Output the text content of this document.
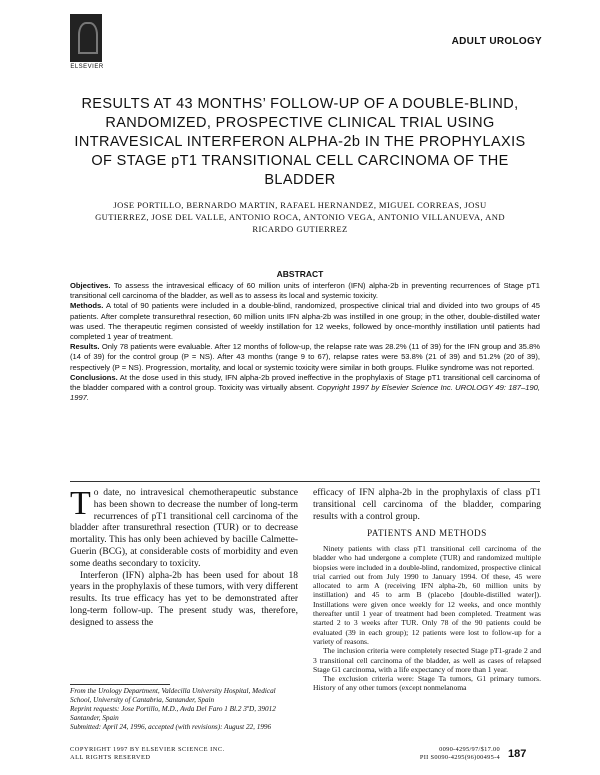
ELSEVIER
ADULT UROLOGY
RESULTS AT 43 MONTHS’ FOLLOW-UP OF A DOUBLE-BLIND, RANDOMIZED, PROSPECTIVE CLINICAL TRIAL USING INTRAVESICAL INTERFERON ALPHA-2b IN THE PROPHYLAXIS OF STAGE pT1 TRANSITIONAL CELL CARCINOMA OF THE BLADDER
JOSE PORTILLO, BERNARDO MARTIN, RAFAEL HERNANDEZ, MIGUEL CORREAS, JOSU GUTIERREZ, JOSE DEL VALLE, ANTONIO ROCA, ANTONIO VEGA, ANTONIO VILLANUEVA, AND RICARDO GUTIERREZ
ABSTRACT

Objectives. To assess the intravesical efficacy of 60 million units of interferon (IFN) alpha-2b in preventing recurrences of Stage pT1 transitional cell carcinoma of the bladder, as well as to assess its local and systemic toxicity.

Methods. A total of 90 patients were included in a double-blind, randomized, prospective clinical trial and divided into two groups of 45 patients. After complete transurethral resection, 60 million units IFN alpha-2b was instilled in one group; in the other, double-distilled water was used. The therapeutic regimen consisted of weekly instillation for 12 weeks, followed by once-monthly instillation until patients had completed 1 year of treatment.

Results. Only 78 patients were evaluable. After 12 months of follow-up, the relapse rate was 28.2% (11 of 39) for the IFN group and 35.8% (14 of 39) for the control group (P = NS). After 43 months (range 9 to 67), relapse rates were 53.8% (21 of 39) and 51.2% (20 of 39), respectively (P = NS). Progression, mortality, and local or systemic toxicity were similar in both groups. Flulike syndrome was not reported.

Conclusions. At the dose used in this study, IFN alpha-2b proved ineffective in the prophylaxis of Stage pT1 transitional cell carcinoma of the bladder compared with a control group. Toxicity was virtually absent. Copyright 1997 by Elsevier Science Inc. UROLOGY 49: 187–190, 1997.

To date, no intravesical chemotherapeutic substance has been shown to decrease the number of long-term recurrences of pT1 transitional cell carcinoma of the bladder after transurethral resection (TUR) or to decrease mortality. This has only been achieved by bacille Calmette-Guerin (BCG), at considerable costs of morbidity and even some deaths secondary to toxicity.

Interferon (IFN) alpha-2b has been used for about 18 years in the prophylaxis of these tumors, with very different results. Its true efficacy has yet to be demonstrated after long-term follow-up. The present study was, therefore, designed to assess the

efficacy of IFN alpha-2b in the prophylaxis of class pT1 transitional cell carcinoma of the bladder, comparing results with a control group.

PATIENTS AND METHODS

Ninety patients with class pT1 transitional cell carcinoma of the bladder who had undergone a complete (TUR) and randomized multiple biopsies were included in a double-blind, randomized, prospective clinical trial carried out from July 1990 to January 1994. Of these, 45 were allocated to arm A (receiving IFN alpha-2b, 60 million units by instillation) and 45 to arm B (placebo [double-distilled water]). Instillations were given once weekly for 12 weeks, and once monthly thereafter until 1 year of treatment had been completed. Treatment was started 2 to 3 weeks after TUR. Only 78 of the 90 patients could be evaluated (39 in each group); 12 patients were lost to follow-up for a variety of reasons.

The inclusion criteria were completely resected Stage pT1-grade 2 and 3 transitional cell carcinoma of the bladder, as well as cases of relapsed Stage G1 carcinoma, with a life expectancy of more than 1 year.

The exclusion criteria were: Stage Ta tumors, G1 primary tumors. History of any other tumors (except nonmelanoma

From the Urology Department, Valdecilla University Hospital, Medical School, University of Cantabria, Santander, Spain

Reprint requests: Jose Portillo, M.D., Avda Del Faro 1 Bl.2 3ºD, 39012 Santander, Spain

Submitted: April 24, 1996, accepted (with revisions): August 22, 1996

COPYRIGHT 1997 BY ELSEVIER SCIENCE INC.
ALL RIGHTS RESERVED
0090-4295/97/$17.00
PII S0090-4295(96)00495-4 187
